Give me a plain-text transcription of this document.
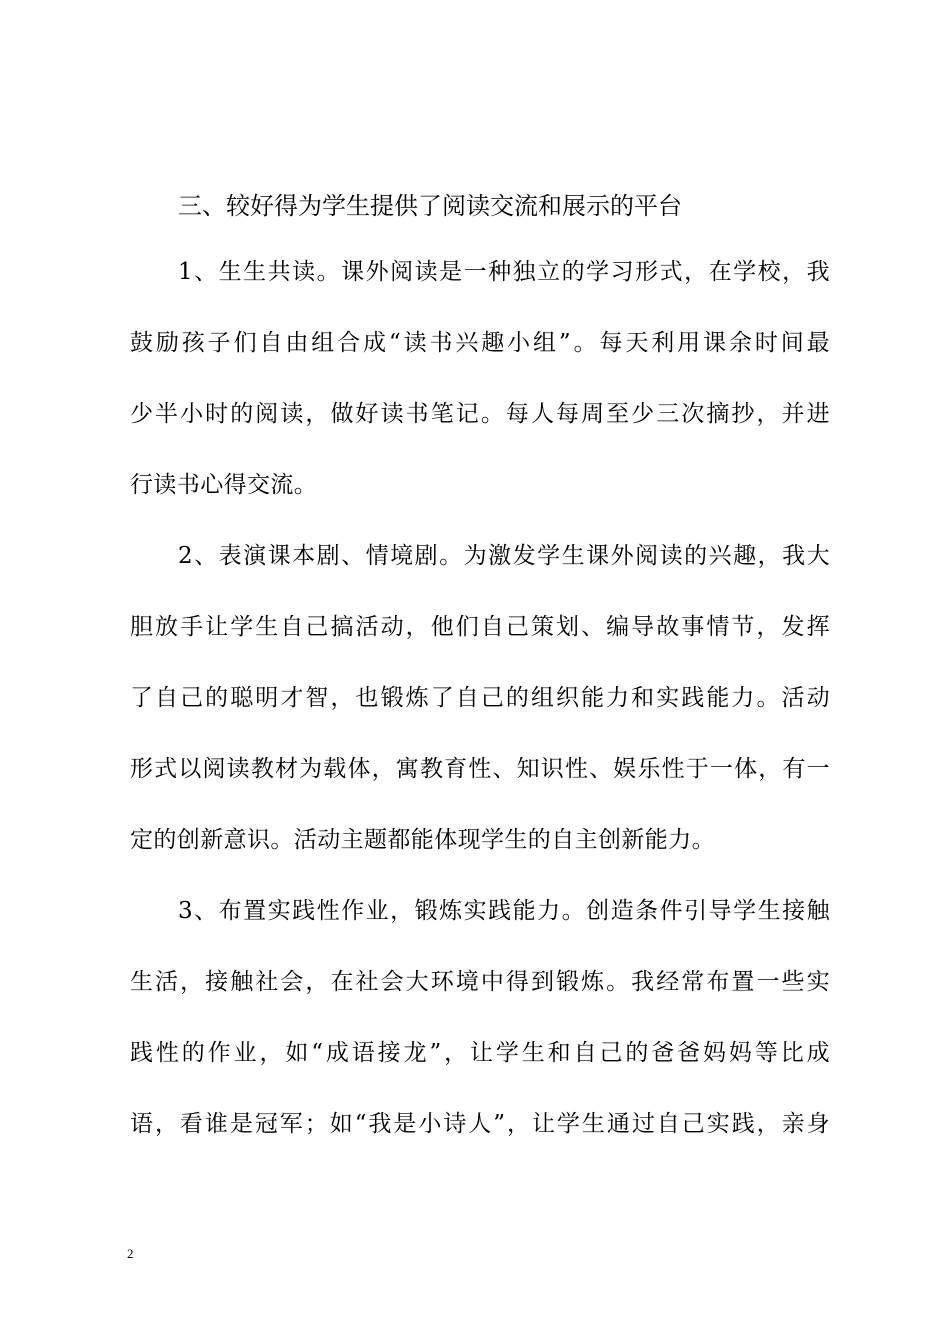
三、较好得为学生提供了阅读交流和展示的平台
1、生生共读。课外阅读是一种独立的学习形式，在学校，我
鼓励孩子们自由组合成“读书兴趣小组”。每天利用课余时间最
少半小时的阅读，做好读书笔记。每人每周至少三次摘抄，并进
行读书心得交流。
2、表演课本剧、情境剧。为激发学生课外阅读的兴趣，我大
胆放手让学生自己搞活动，他们自己策划、编导故事情节，发挥
了自己的聪明才智，也锻炼了自己的组织能力和实践能力。活动
形式以阅读教材为载体，寓教育性、知识性、娱乐性于一体，有一
定的创新意识。活动主题都能体现学生的自主创新能力。
3、布置实践性作业，锻炼实践能力。创造条件引导学生接触
生活，接触社会，在社会大环境中得到锻炼。我经常布置一些实
践性的作业，如“成语接龙”，让学生和自己的爸爸妈妈等比成
语，看谁是冠军；如“我是小诗人”，让学生通过自己实践，亲身
2
